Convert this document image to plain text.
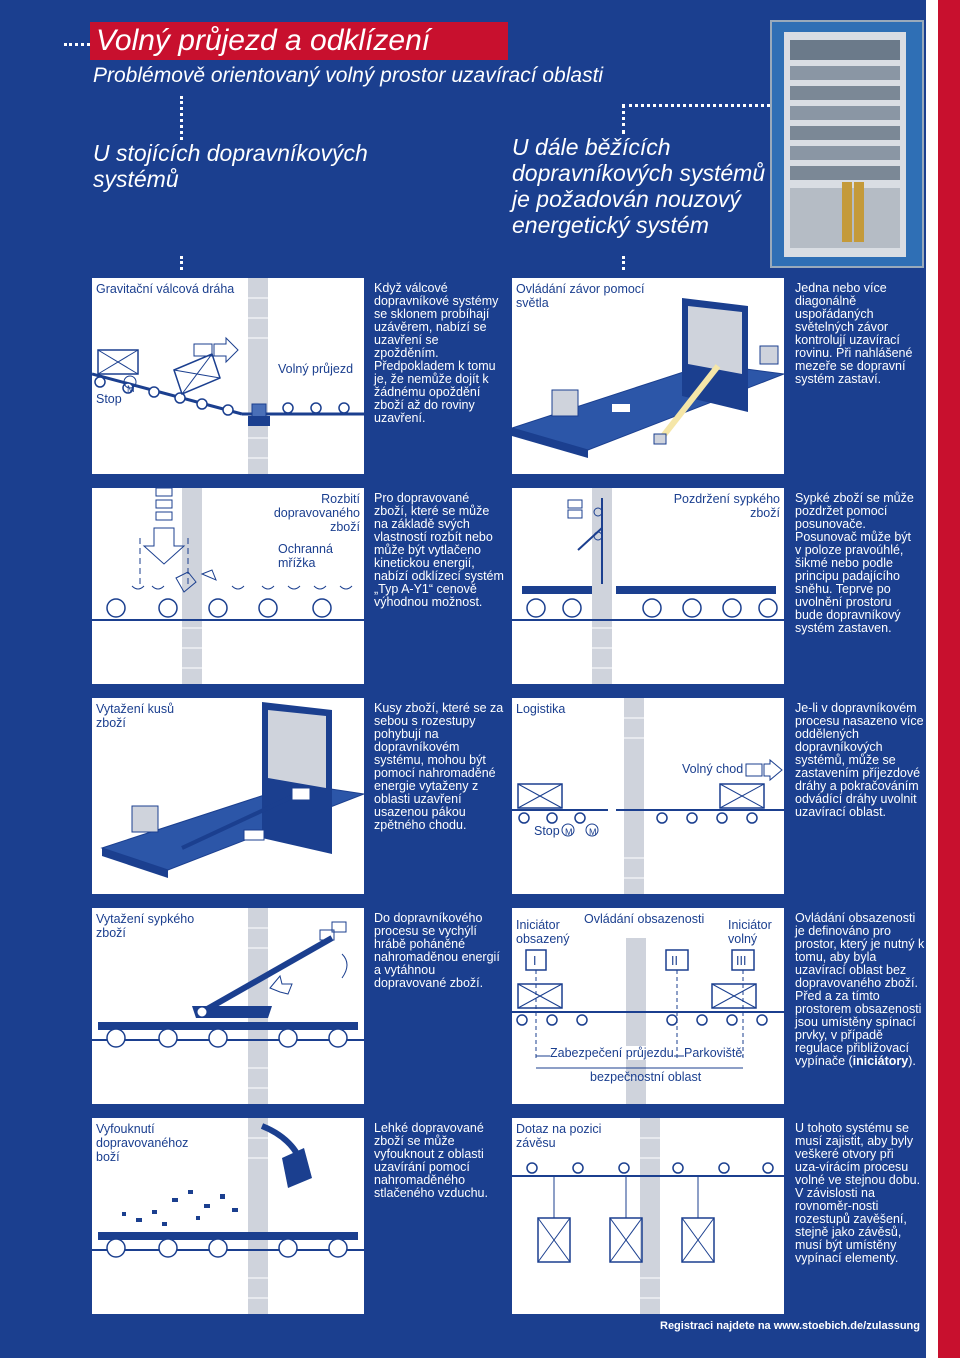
Volný průjezd a odklízení
Problémově orientovaný volný prostor uzavírací oblasti
U stojících dopravníkových systémů
U dále běžících dopravníkových systémů je požadován nouzový energetický systém
Gravitační válcová dráha
Volný průjezd
Stop
M
Když válcové dopravníkové systémy se sklonem probíhají uzávěrem, nabízí se uzavření se zpožděním. Předpokladem k tomu je, že nemůže dojít k žádnému opoždění zboží až do roviny uzavření.
Ovládání závor pomocí světla
Jedna nebo více diagonálně uspořádaných světelných závor kontrolují uzavírací rovinu. Při nahlášené mezeře se dopravní systém zastaví.
Rozbití dopravovaného zboží
Ochranná mřížka
Pro dopravované zboží, které se může na základě svých vlastností rozbít nebo může být vytlačeno kinetickou energií, nabízí odklízecí systém „Typ A-Y1“ cenově výhodnou možnost.
Pozdržení sypkého zboží
Sypké zboží se může pozdržet pomocí posunovače. Posunovač může být v poloze pravoúhlé, šikmé nebo podle principu padajícího sněhu. Teprve po uvolnění prostoru bude dopravníkový systém zastaven.
Vytažení kusů zboží
Kusy zboží, které se za sebou s rozestupy pohybují na dopravníkovém systému, mohou být pomocí nahromaděné energie vytaženy z oblasti uzavření usazenou pákou zpětného chodu.
Logistika
Volný chod
Stop M M
Je-li v dopravníkovém procesu nasazeno více oddělených dopravníkových systémů, může se zastavením příjezdové dráhy a pokračováním odvádící dráhy uvolnit uzavírací oblast.
Vytažení sypkého zboží
Do dopravníkového procesu se vychýlí hrábě poháněné nahromaděnou energií a vytáhnou dopravované zboží.
Iniciátor obsazený
Ovládání obsazenosti Iniciátor volný
I	II	III
Zabezpečení průjezdu Parkoviště
bezpečnostní oblast
Ovládání obsazenosti je definováno pro prostor, který je nutný k tomu, aby byla uzavírací oblast bez dopravovaného zboží. Před a za tímto prostorem obsazenosti jsou umístěny spínací prvky, v případě regulace přibližovací vypínače (iniciátory).
Vyfouknutí dopravovanéhoz boží
Lehké dopravované zboží se může vyfouknout z oblasti uzavírání pomocí nahromaděného stlačeného vzduchu.
Dotaz na pozici závěsu
U tohoto systému se musí zajistit, aby byly veškeré otvory při uza-vírácím procesu volné ve stejnou dobu. V závislosti na rovnoměr-nosti rozestupů zavěšení, stejně jako závěsů, musí být umístěny vypínací elementy.
Registraci najdete na www.stoebich.de/zulassung
